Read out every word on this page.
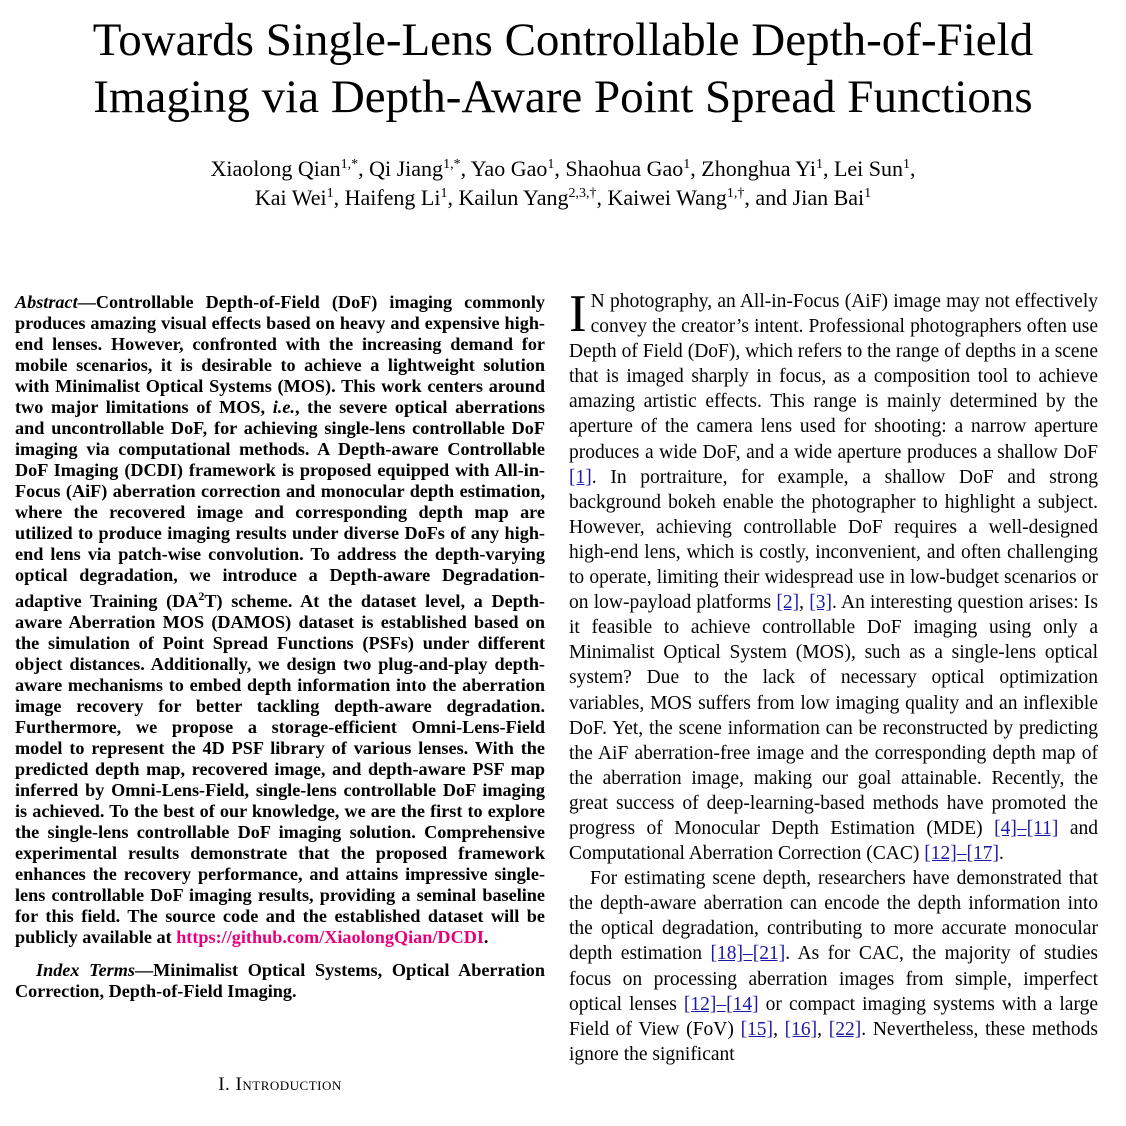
Towards Single-Lens Controllable Depth-of-Field
Imaging via Depth-Aware Point Spread Functions
Xiaolong Qian$^{1,*}$, Qi Jiang$^{1,*}$, Yao Gao$^1$, Shaohua Gao$^1$, Zhonghua Yi$^1$, Lei Sun$^1$,
Kai Wei$^1$, Haifeng Li$^1$, Kailun Yang$^{2,3,\dagger}$, Kaiwei Wang$^{1,\dagger}$, and Jian Bai$^1$

Abstract—Controllable Depth-of-Field (DoF) imaging commonly produces amazing visual effects based on heavy and expensive high-end lenses. However, confronted with the increasing demand for mobile scenarios, it is desirable to achieve a lightweight solution with Minimalist Optical Systems (MOS). This work centers around two major limitations of MOS, i.e., the severe optical aberrations and uncontrollable DoF, for achieving single-lens controllable DoF imaging via computational methods. A Depth-aware Controllable DoF Imaging (DCDI) framework is proposed equipped with All-in-Focus (AiF) aberration correction and monocular depth estimation, where the recovered image and corresponding depth map are utilized to produce imaging results under diverse DoFs of any high-end lens via patch-wise convolution. To address the depth-varying optical degradation, we introduce a Depth-aware Degradation-adaptive Training $(DA^2T)$ scheme. At the dataset level, a Depth-aware Aberration MOS (DAMOS) dataset is established based on the simulation of Point Spread Functions (PSFs) under different object distances. Additionally, we design two plug-and-play depth-aware mechanisms to embed depth information into the aberration image recovery for better tackling depth-aware degradation. Furthermore, we propose a storage-efficient Omni-Lens-Field model to represent the 4D PSF library of various lenses. With the predicted depth map, recovered image, and depth-aware PSF map inferred by Omni-Lens-Field, single-lens controllable DoF imaging is achieved. To the best of our knowledge, we are the first to explore the single-lens controllable DoF imaging solution. Comprehensive experimental results demonstrate that the proposed framework enhances the recovery performance, and attains impressive single-lens controllable DoF imaging results, providing a seminal baseline for this field. The source code and the established dataset will be publicly available at https://github.com/XiaolongQian/DCDI.

Index Terms—Minimalist Optical Systems, Optical Aberration Correction, Depth-of-Field Imaging.

I. Introduction

I N photography, an All-in-Focus (AiF) image may not effectively convey the creator’s intent. Professional photographers often use Depth of Field (DoF), which refers to the range of depths in a scene that is imaged sharply in focus, as a composition tool to achieve amazing artistic effects. This range is mainly determined by the aperture of the camera lens used for shooting: a narrow aperture produces a wide DoF, and a wide aperture produces a shallow DoF [1]. In portraiture, for example, a shallow DoF and strong background bokeh enable the photographer to highlight a subject. However, achieving controllable DoF requires a well-designed high-end lens, which is costly, inconvenient, and often challenging to operate, limiting their widespread use in low-budget scenarios or on low-payload platforms [2], [3]. An interesting question arises: Is it feasible to achieve controllable DoF imaging using only a Minimalist Optical System (MOS), such as a single-lens optical system? Due to the lack of necessary optical optimization variables, MOS suffers from low imaging quality and an inflexible DoF. Yet, the scene information can be reconstructed by predicting the AiF aberration-free image and the corresponding depth map of the aberration image, making our goal attainable. Recently, the great success of deep-learning-based methods have promoted the progress of Monocular Depth Estimation (MDE) [4]–[11] and Computational Aberration Correction (CAC) [12]–[17].

For estimating scene depth, researchers have demonstrated that the depth-aware aberration can encode the depth information into the optical degradation, contributing to more accurate monocular depth estimation [18]–[21]. As for CAC, the majority of studies focus on processing aberration images from simple, imperfect optical lenses [12]–[14] or compact imaging systems with a large Field of View (FoV) [15], [16], [22]. Nevertheless, these methods ignore the significant
